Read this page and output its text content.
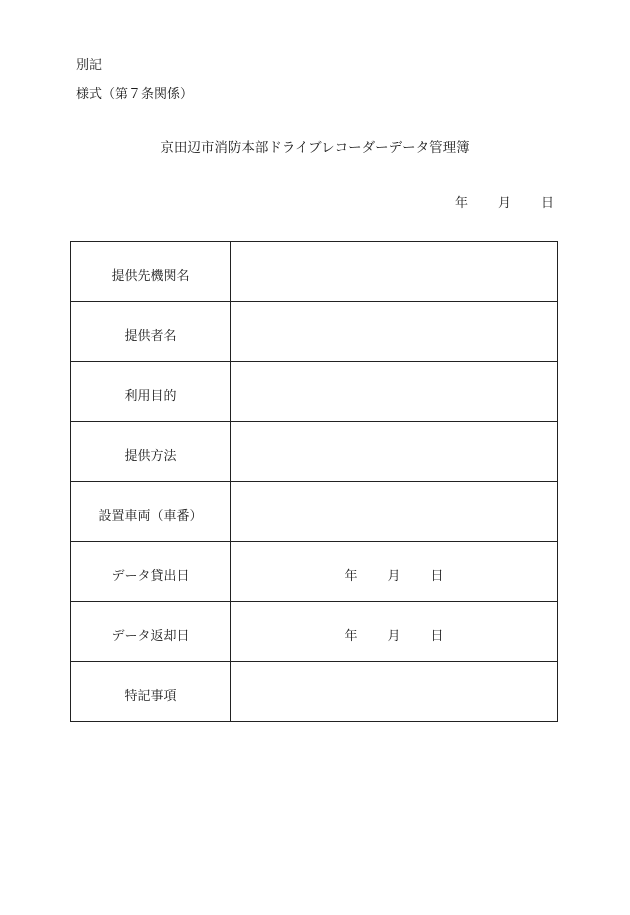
別記
様式（第７条関係）
京田辺市消防本部ドライブレコーダーデータ管理簿
年 月 日
提供先機関名	
提供者名	
利用目的	
提供方法	
設置車両（車番）	
データ貸出日	年 月 日

データ返却日	年 月 日

特記事項	
